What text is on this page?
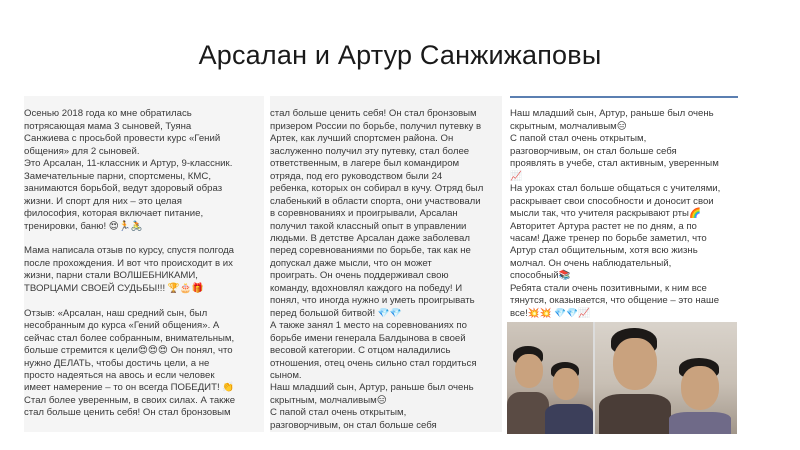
Арсалан и Артур Санжижаповы

Осенью 2018 года ко мне обратилась
потрясающая мама 3 сыновей, Туяна
Санжиева с просьбой провести курс «Гений
общения» для 2 сыновей.
Это Арсалан, 11-классник и Артур, 9-классник.
Замечательные парни, спортсмены, КМС,
занимаются борьбой, ведут здоровый образ
жизни. И спорт для них – это целая
философия, которая включает питание,
тренировки, баню! 😍🏃🚴

Мама написала отзыв по курсу, спустя полгода
после прохождения. И вот что происходит в их
жизни, парни стали ВОЛШЕБНИКАМИ,
ТВОРЦАМИ СВОЕЙ СУДЬБЫ!!! 🏆🎂🎁

Отзыв: «Арсалан, наш средний сын, был
несобранным до курса «Гений общения». А
сейчас стал более собранным, внимательным,
больше стремится к цели😍😍😍 Он понял, что
нужно ДЕЛАТЬ, чтобы достичь цели, а не
просто надеяться на авось и если человек
имеет намерение – то он всегда ПОБЕДИТ! 👏
Стал более уверенным, в своих силах. А также
стал больше ценить себя! Он стал бронзовым

стал больше ценить себя! Он стал бронзовым
призером России по борьбе, получил путевку в
Артек, как лучший спортсмен района. Он
заслуженно получил эту путевку, стал более
ответственным, в лагере был командиром
отряда, под его руководством были 24
ребенка, которых он собирал в кучу. Отряд был
слабенький в области спорта, они участвовали
в соревнованиях и проигрывали, Арсалан
получил такой классный опыт в управлении
людьми. В детстве Арсалан даже заболевал
перед соревнованиями по борьбе, так как не
допускал даже мысли, что он может
проиграть. Он очень поддерживал свою
команду, вдохновлял каждого на победу! И
понял, что иногда нужно и уметь проигрывать
перед большой битвой! 💎💎
А также занял 1 место на соревнованиях по
борьбе имени генерала Балдынова в своей
весовой категории. С отцом наладились
отношения, отец очень сильно стал гордиться
сыном.
Наш младший сын, Артур, раньше был очень
скрытным, молчаливым😑
С папой стал очень открытым,
разговорчивым, он стал больше себя

Наш младший сын, Артур, раньше был очень
скрытным, молчаливым😑
С папой стал очень открытым,
разговорчивым, он стал больше себя
проявлять в учебе, стал активным, уверенным
📈
На уроках стал больше общаться с учителями,
раскрывает свои способности и доносит свои
мысли так, что учителя раскрывают рты🌈
Авторитет Артура растет не по дням, а по
часам! Даже тренер по борьбе заметил, что
Артур стал общительным, хотя всю жизнь
молчал. Он очень наблюдательный,
способный📚
Ребята стали очень позитивными, к ним все
тянутся, оказывается, что общение – это наше
все!💥💥 💎💎📈
